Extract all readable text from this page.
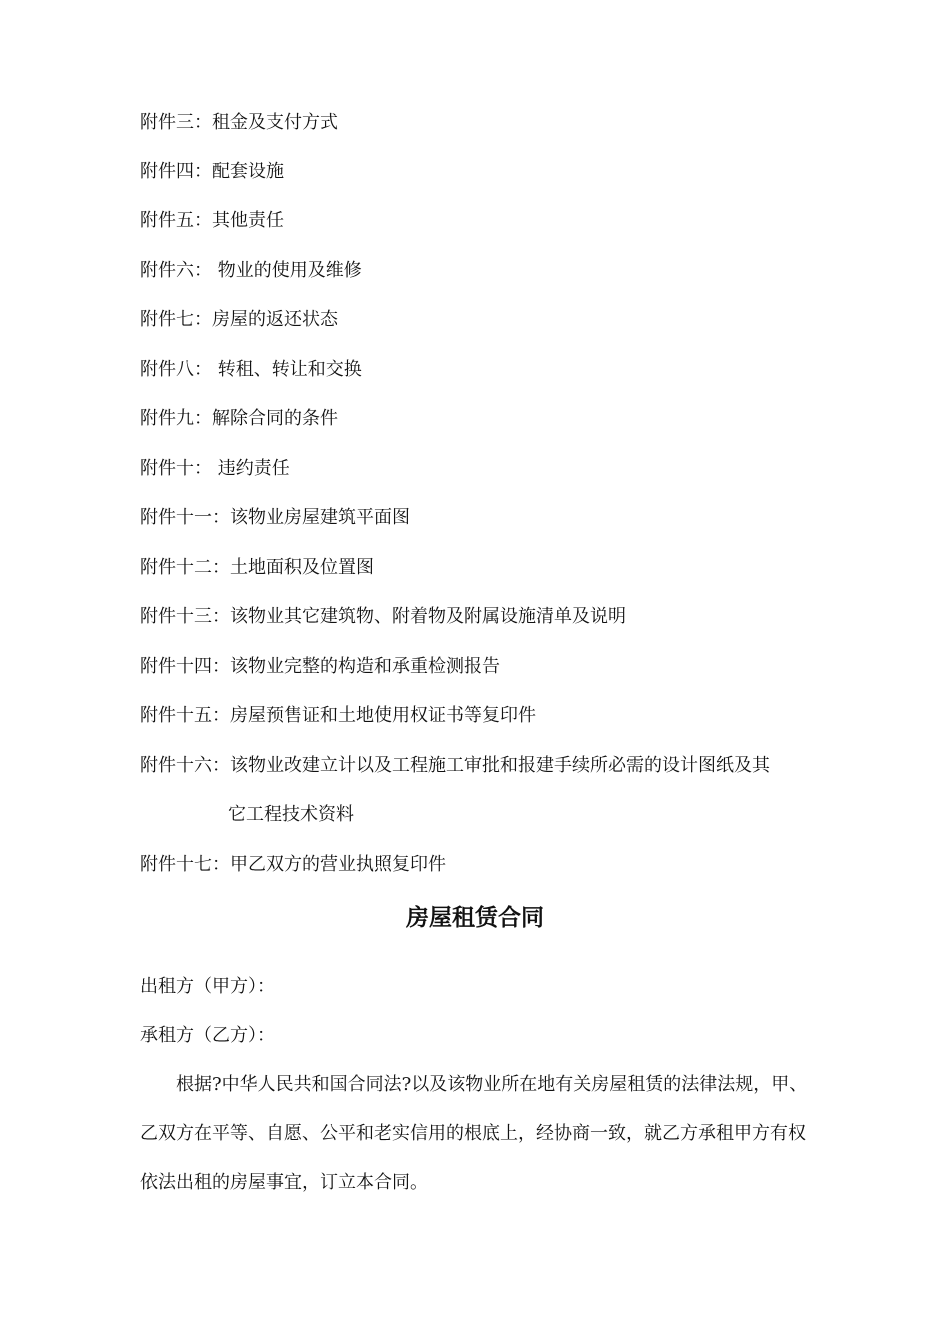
附件三：租金及支付方式
附件四：配套设施
附件五：其他责任
附件六： 物业的使用及维修
附件七：房屋的返还状态
附件八： 转租、转让和交换
附件九：解除合同的条件
附件十： 违约责任
附件十一：该物业房屋建筑平面图
附件十二：土地面积及位置图
附件十三：该物业其它建筑物、附着物及附属设施清单及说明
附件十四：该物业完整的构造和承重检测报告
附件十五：房屋预售证和土地使用权证书等复印件
附件十六：该物业改建立计以及工程施工审批和报建手续所必需的设计图纸及其
它工程技术资料
附件十七：甲乙双方的营业执照复印件
房屋租赁合同
出租方（甲方）：
承租方（乙方）：
根据?中华人民共和国合同法?以及该物业所在地有关房屋租赁的法律法规，甲、乙双方在平等、自愿、公平和老实信用的根底上，经协商一致，就乙方承租甲方有权依法出租的房屋事宜，订立本合同。
